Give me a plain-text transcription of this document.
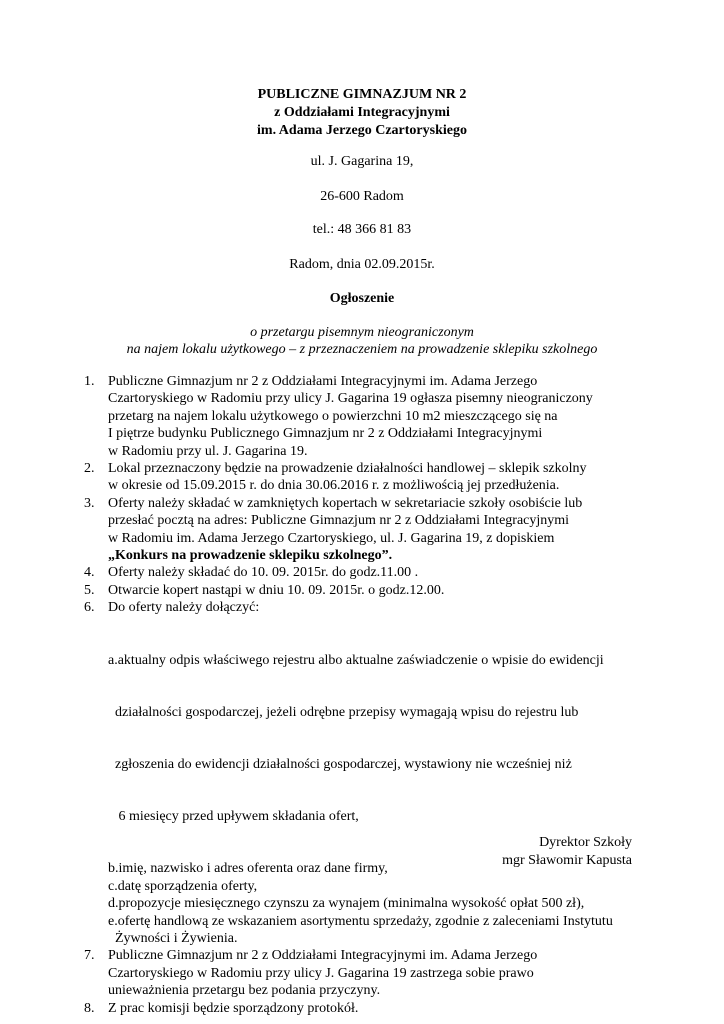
PUBLICZNE GIMNAZJUM NR 2
z Oddziałami Integracyjnymi
im. Adama Jerzego Czartoryskiego
ul. J. Gagarina 19,
26-600 Radom
tel.: 48 366 81 83
Radom, dnia 02.09.2015r.
Ogłoszenie
o przetargu pisemnym nieograniczonym
na najem lokalu użytkowego – z przeznaczeniem na prowadzenie sklepiku szkolnego
1. Publiczne Gimnazjum nr 2 z Oddziałami Integracyjnymi im. Adama Jerzego
Czartoryskiego w Radomiu przy ulicy J. Gagarina 19 ogłasza pisemny nieograniczony
przetarg na najem lokalu użytkowego o powierzchni 10 m2 mieszczącego się na
I piętrze budynku Publicznego Gimnazjum nr 2 z Oddziałami Integracyjnymi
w Radomiu przy ul. J. Gagarina 19.
2. Lokal przeznaczony będzie na prowadzenie działalności handlowej – sklepik szkolny
w okresie od 15.09.2015 r. do dnia 30.06.2016 r. z możliwością jej przedłużenia.
3. Oferty należy składać w zamkniętych kopertach w sekretariacie szkoły osobiście lub
przesłać pocztą na adres: Publiczne Gimnazjum nr 2 z Oddziałami Integracyjnymi
w Radomiu im. Adama Jerzego Czartoryskiego, ul. J. Gagarina 19, z dopiskiem
„Konkurs na prowadzenie sklepiku szkolnego”.
4. Oferty należy składać do 10. 09. 2015r. do godz.11.00 .
5. Otwarcie kopert nastąpi w dniu 10. 09. 2015r. o godz.12.00.
6. Do oferty należy dołączyć:

a.aktualny odpis właściwego rejestru albo aktualne zaświadczenie o wpisie do ewidencji

działalności gospodarczej, jeżeli odrębne przepisy wymagają wpisu do rejestru lub

zgłoszenia do ewidencji działalności gospodarczej, wystawiony nie wcześniej niż

6 miesięcy przed upływem składania ofert,

b.imię, nazwisko i adres oferenta oraz dane firmy,
c.datę sporządzenia oferty,
d.propozycje miesięcznego czynszu za wynajem (minimalna wysokość opłat 500 zł),
e.ofertę handlową ze wskazaniem asortymentu sprzedaży, zgodnie z zaleceniami Instytutu
Żywności i Żywienia.
7. Publiczne Gimnazjum nr 2 z Oddziałami Integracyjnymi im. Adama Jerzego
Czartoryskiego w Radomiu przy ulicy J. Gagarina 19 zastrzega sobie prawo
unieważnienia przetargu bez podania przyczyny.
8. Z prac komisji będzie sporządzony protokół.
Dyrektor Szkoły
mgr Sławomir Kapusta
